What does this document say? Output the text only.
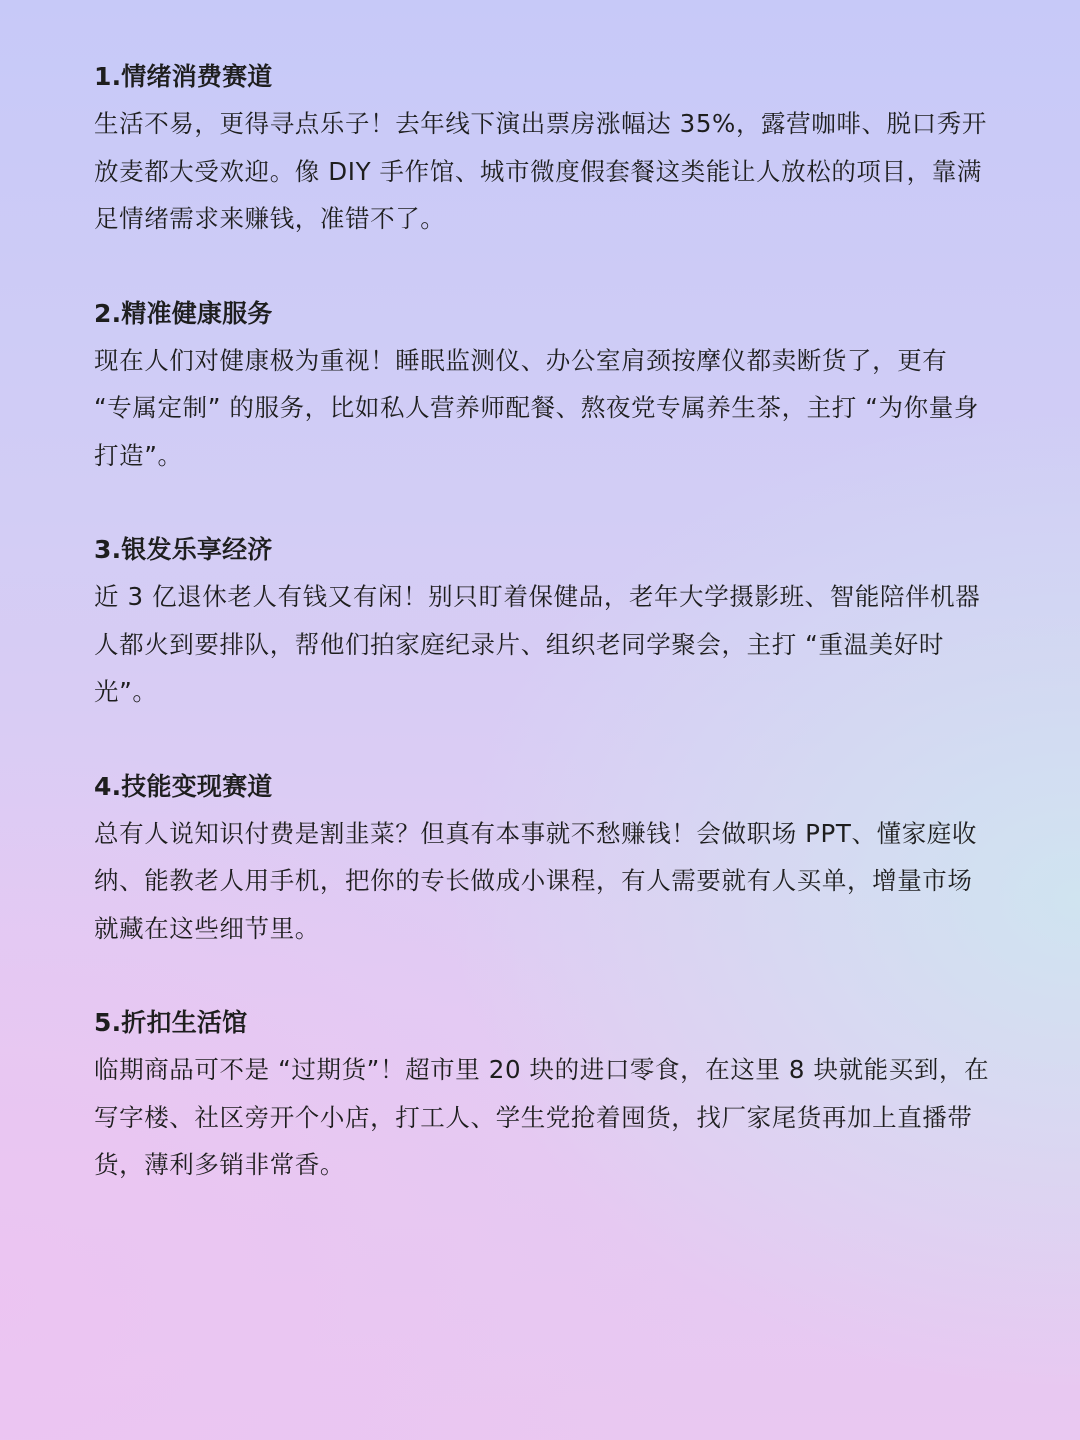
1.情绪消费赛道

生活不易，更得寻点乐子！去年线下演出票房涨幅达 35%，露营咖啡、脱口秀开放麦都大受欢迎。像 DIY 手作馆、城市微度假套餐这类能让人放松的项目，靠满足情绪需求来赚钱，准错不了。

2.精准健康服务

现在人们对健康极为重视！睡眠监测仪、办公室肩颈按摩仪都卖断货了，更有 “专属定制” 的服务，比如私人营养师配餐、熬夜党专属养生茶，主打 “为你量身打造”。

3.银发乐享经济

近 3 亿退休老人有钱又有闲！别只盯着保健品，老年大学摄影班、智能陪伴机器人都火到要排队，帮他们拍家庭纪录片、组织老同学聚会，主打 “重温美好时光”。

4.技能变现赛道

总有人说知识付费是割韭菜？但真有本事就不愁赚钱！会做职场 PPT、懂家庭收纳、能教老人用手机，把你的专长做成小课程，有人需要就有人买单，增量市场就藏在这些细节里。

5.折扣生活馆

临期商品可不是 “过期货”！超市里 20 块的进口零食，在这里 8 块就能买到，在写字楼、社区旁开个小店，打工人、学生党抢着囤货，找厂家尾货再加上直播带货，薄利多销非常香。
